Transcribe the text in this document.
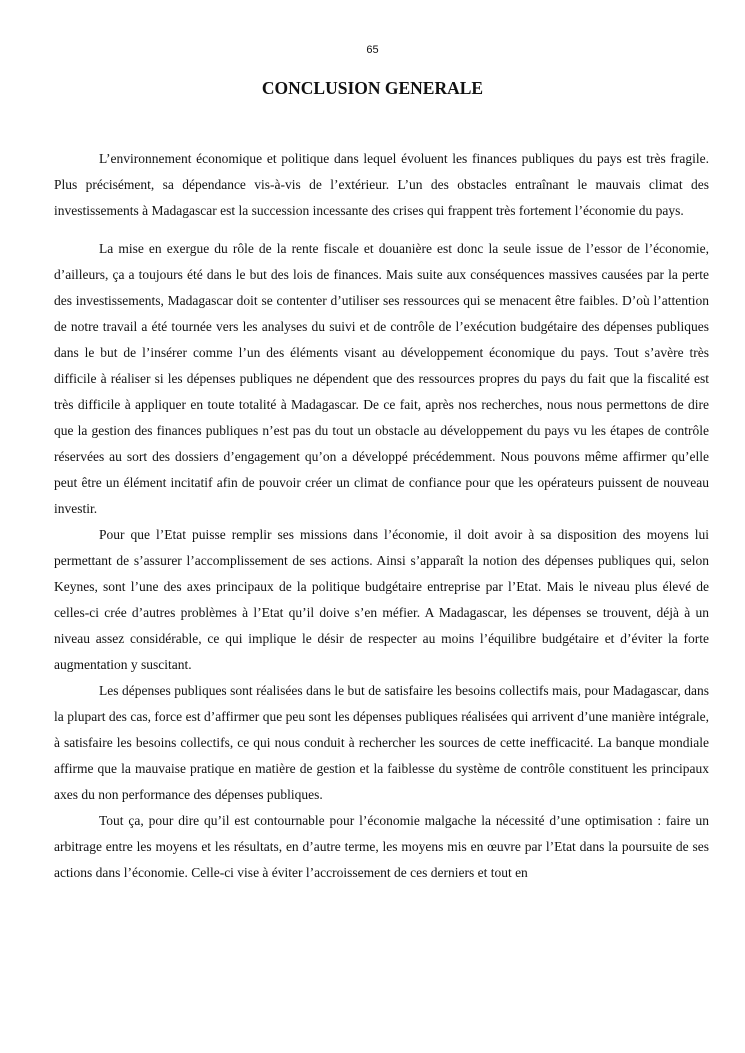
65
CONCLUSION GENERALE

L’environnement économique et politique dans lequel évoluent les finances publiques du pays est très fragile. Plus précisément, sa dépendance vis-à-vis de l’extérieur. L’un des obstacles entraînant le mauvais climat des investissements à Madagascar est la succession incessante des crises qui frappent très fortement l’économie du pays.

La mise en exergue du rôle de la rente fiscale et douanière est donc la seule issue de l’essor de l’économie, d’ailleurs, ça a toujours été dans le but des lois de finances. Mais suite aux conséquences massives causées par la perte des investissements, Madagascar doit se contenter d’utiliser ses ressources qui se menacent être faibles. D’où l’attention de notre travail a été tournée vers les analyses du suivi et de contrôle de l’exécution budgétaire des dépenses publiques dans le but de l’insérer comme l’un des éléments visant au développement économique du pays. Tout s’avère très difficile à réaliser si les dépenses publiques ne dépendent que des ressources propres du pays du fait que la fiscalité est très difficile à appliquer en toute totalité à Madagascar. De ce fait, après nos recherches, nous nous permettons de dire que la gestion des finances publiques n’est pas du tout un obstacle au développement du pays vu les étapes de contrôle réservées au sort des dossiers d’engagement qu’on a développé précédemment. Nous pouvons même affirmer qu’elle peut être un élément incitatif afin de pouvoir créer un climat de confiance pour que les opérateurs puissent de nouveau investir.

Pour que l’Etat puisse remplir ses missions dans l’économie, il doit avoir à sa disposition des moyens lui permettant de s’assurer l’accomplissement de ses actions. Ainsi s’apparaît la notion des dépenses publiques qui, selon Keynes, sont l’une des axes principaux de la politique budgétaire entreprise par l’Etat. Mais le niveau plus élevé de celles-ci crée d’autres problèmes à l’Etat qu’il doive s’en méfier. A Madagascar, les dépenses se trouvent, déjà à un niveau assez considérable, ce qui implique le désir de respecter au moins l’équilibre budgétaire et d’éviter la forte augmentation y suscitant.

Les dépenses publiques sont réalisées dans le but de satisfaire les besoins collectifs mais, pour Madagascar, dans la plupart des cas, force est d’affirmer que peu sont les dépenses publiques réalisées qui arrivent d’une manière intégrale, à satisfaire les besoins collectifs, ce qui nous conduit à rechercher les sources de cette inefficacité. La banque mondiale affirme que la mauvaise pratique en matière de gestion et la faiblesse du système de contrôle constituent les principaux axes du non performance des dépenses publiques.

Tout ça, pour dire qu’il est contournable pour l’économie malgache la nécessité d’une optimisation : faire un arbitrage entre les moyens et les résultats, en d’autre terme, les moyens mis en œuvre par l’Etat dans la poursuite de ses actions dans l’économie. Celle-ci vise à éviter l’accroissement de ces derniers et tout en
